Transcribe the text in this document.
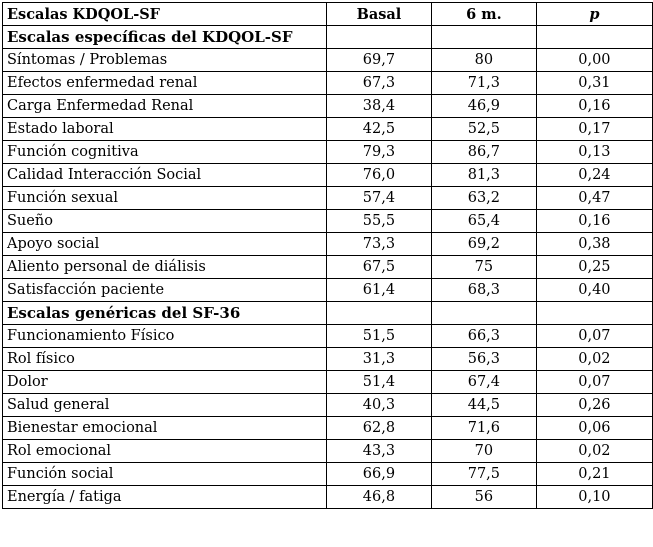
Escalas KDQOL-SF	Basal	6 m.	p
Escalas específicas del KDQOL-SF			
Síntomas / Problemas	69,7	80	0,00
Efectos enfermedad renal	67,3	71,3	0,31
Carga Enfermedad Renal	38,4	46,9	0,16
Estado laboral	42,5	52,5	0,17
Función cognitiva	79,3	86,7	0,13
Calidad Interacción Social	76,0	81,3	0,24
Función sexual	57,4	63,2	0,47
Sueño	55,5	65,4	0,16
Apoyo social	73,3	69,2	0,38
Aliento personal de diálisis	67,5	75	0,25
Satisfacción paciente	61,4	68,3	0,40
Escalas genéricas del SF-36			
Funcionamiento Físico	51,5	66,3	0,07
Rol físico	31,3	56,3	0,02
Dolor	51,4	67,4	0,07
Salud general	40,3	44,5	0,26
Bienestar emocional	62,8	71,6	0,06
Rol emocional	43,3	70	0,02
Función social	66,9	77,5	0,21
Energía / fatiga	46,8	56	0,10
